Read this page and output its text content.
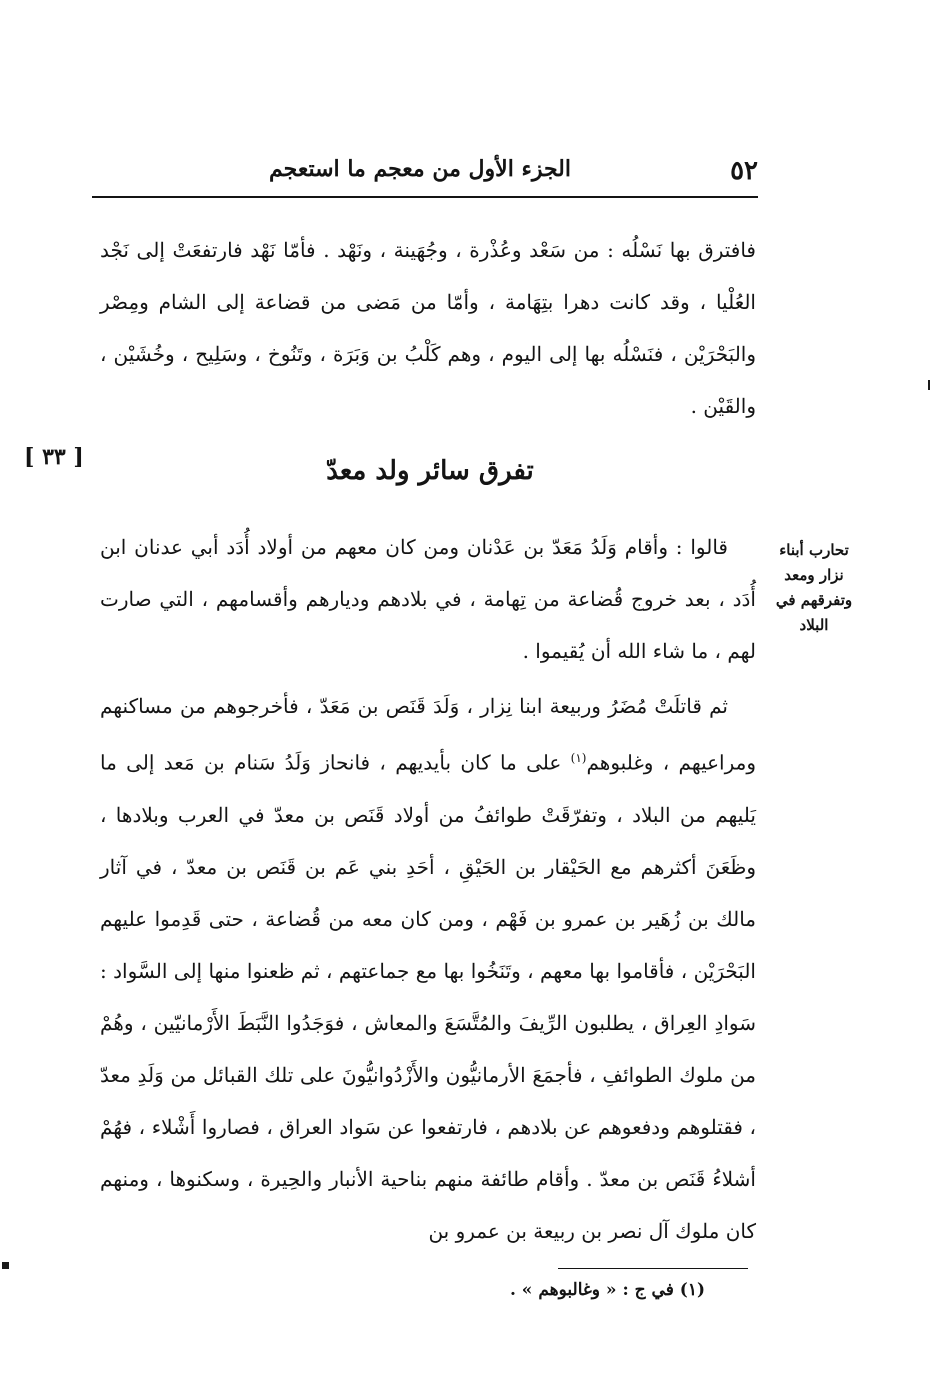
٥٢
الجزء الأول من معجم ما استعجم

فافترق بها نَسْلُه : من سَعْد وعُذْرة ، وجُهَينة ، ونَهْد . فأمّا نَهْد فارتفعَتْ إلى نَجْد العُلْيا ، وقد كانت دهرا بتِهَامة ، وأمّا من مَضى من قضاعة إلى الشام ومِصْر والبَحْرَيْن ، فنَسْلُه بها إلى اليوم ، وهم كَلْبُ بن وَبَرَة ، وتَنُوخ ، وسَلِيح ، وخُشَيْن ، والقَيْن .

[ ٣٣ ]	تفرق سائر ولد معدّ
تحارب أبناء
نزار ومعد
وتفرقهم في
البلاد

قالوا : وأقام وَلَدُ مَعَدّ بن عَدْنان ومن كان معهم من أولاد أُدَد أبي عدنان ابن أُدَد ، بعد خروج قُضاعة من تِهامة ، في بلادهم وديارهم وأقسامهم ، التي صارت لهم ، ما شاء الله أن يُقيموا .

ثم قاتلَتْ مُضَرُ وربيعة ابنا نِزار ، وَلَدَ قَنَص بن مَعَدّ ، فأخرجوهم من مساكنهم ومراعيهم ، وغلبوهم$^{(١)}$ على ما كان بأيديهم ، فانحاز وَلَدُ سَنام بن مَعد إلى ما يَليهم من البلاد ، وتفرّقَتْ طوائفُ من أولاد قَنَص بن معدّ في العرب وبلادها ، وظَعَنَ أكثرهم مع الحَيْقار بن الحَيْقِ ، أحَدِ بني عَم بن قَنَص بن معدّ ، في آثار مالك بن زُهَير بن عمرو بن فَهْم ، ومن كان معه من قُضاعة ، حتى قَدِموا عليهم البَحْرَيْن ، فأقاموا بها معهم ، وتَنَخُوا بها مع جماعتهم ، ثم ظعنوا منها إلى السَّواد : سَوادِ العِراق ، يطلبون الرِّيفَ والمُتَّسَعَ والمعاش ، فوَجَدُوا النَّبَطَ الأَرْمانيّين ، وهُمْ من ملوك الطوائفِ ، فأجمَعَ الأرمانيُّون والأَزْدُوانيُّونَ على تلك القبائل من وَلَدِ معدّ ، فقتلوهم ودفعوهم عن بلادهم ، فارتفعوا عن سَواد العراق ، فصاروا أَشْلاء ، فهُمْ أشلاءُ قَنَص بن معدّ . وأقام طائفة منهم بناحية الأنبار والحِيرة ، وسكنوها ، ومنهم كان ملوك آل نصر بن ربيعة بن عمرو بن

(١) في ج : « وغالبوهم » .
